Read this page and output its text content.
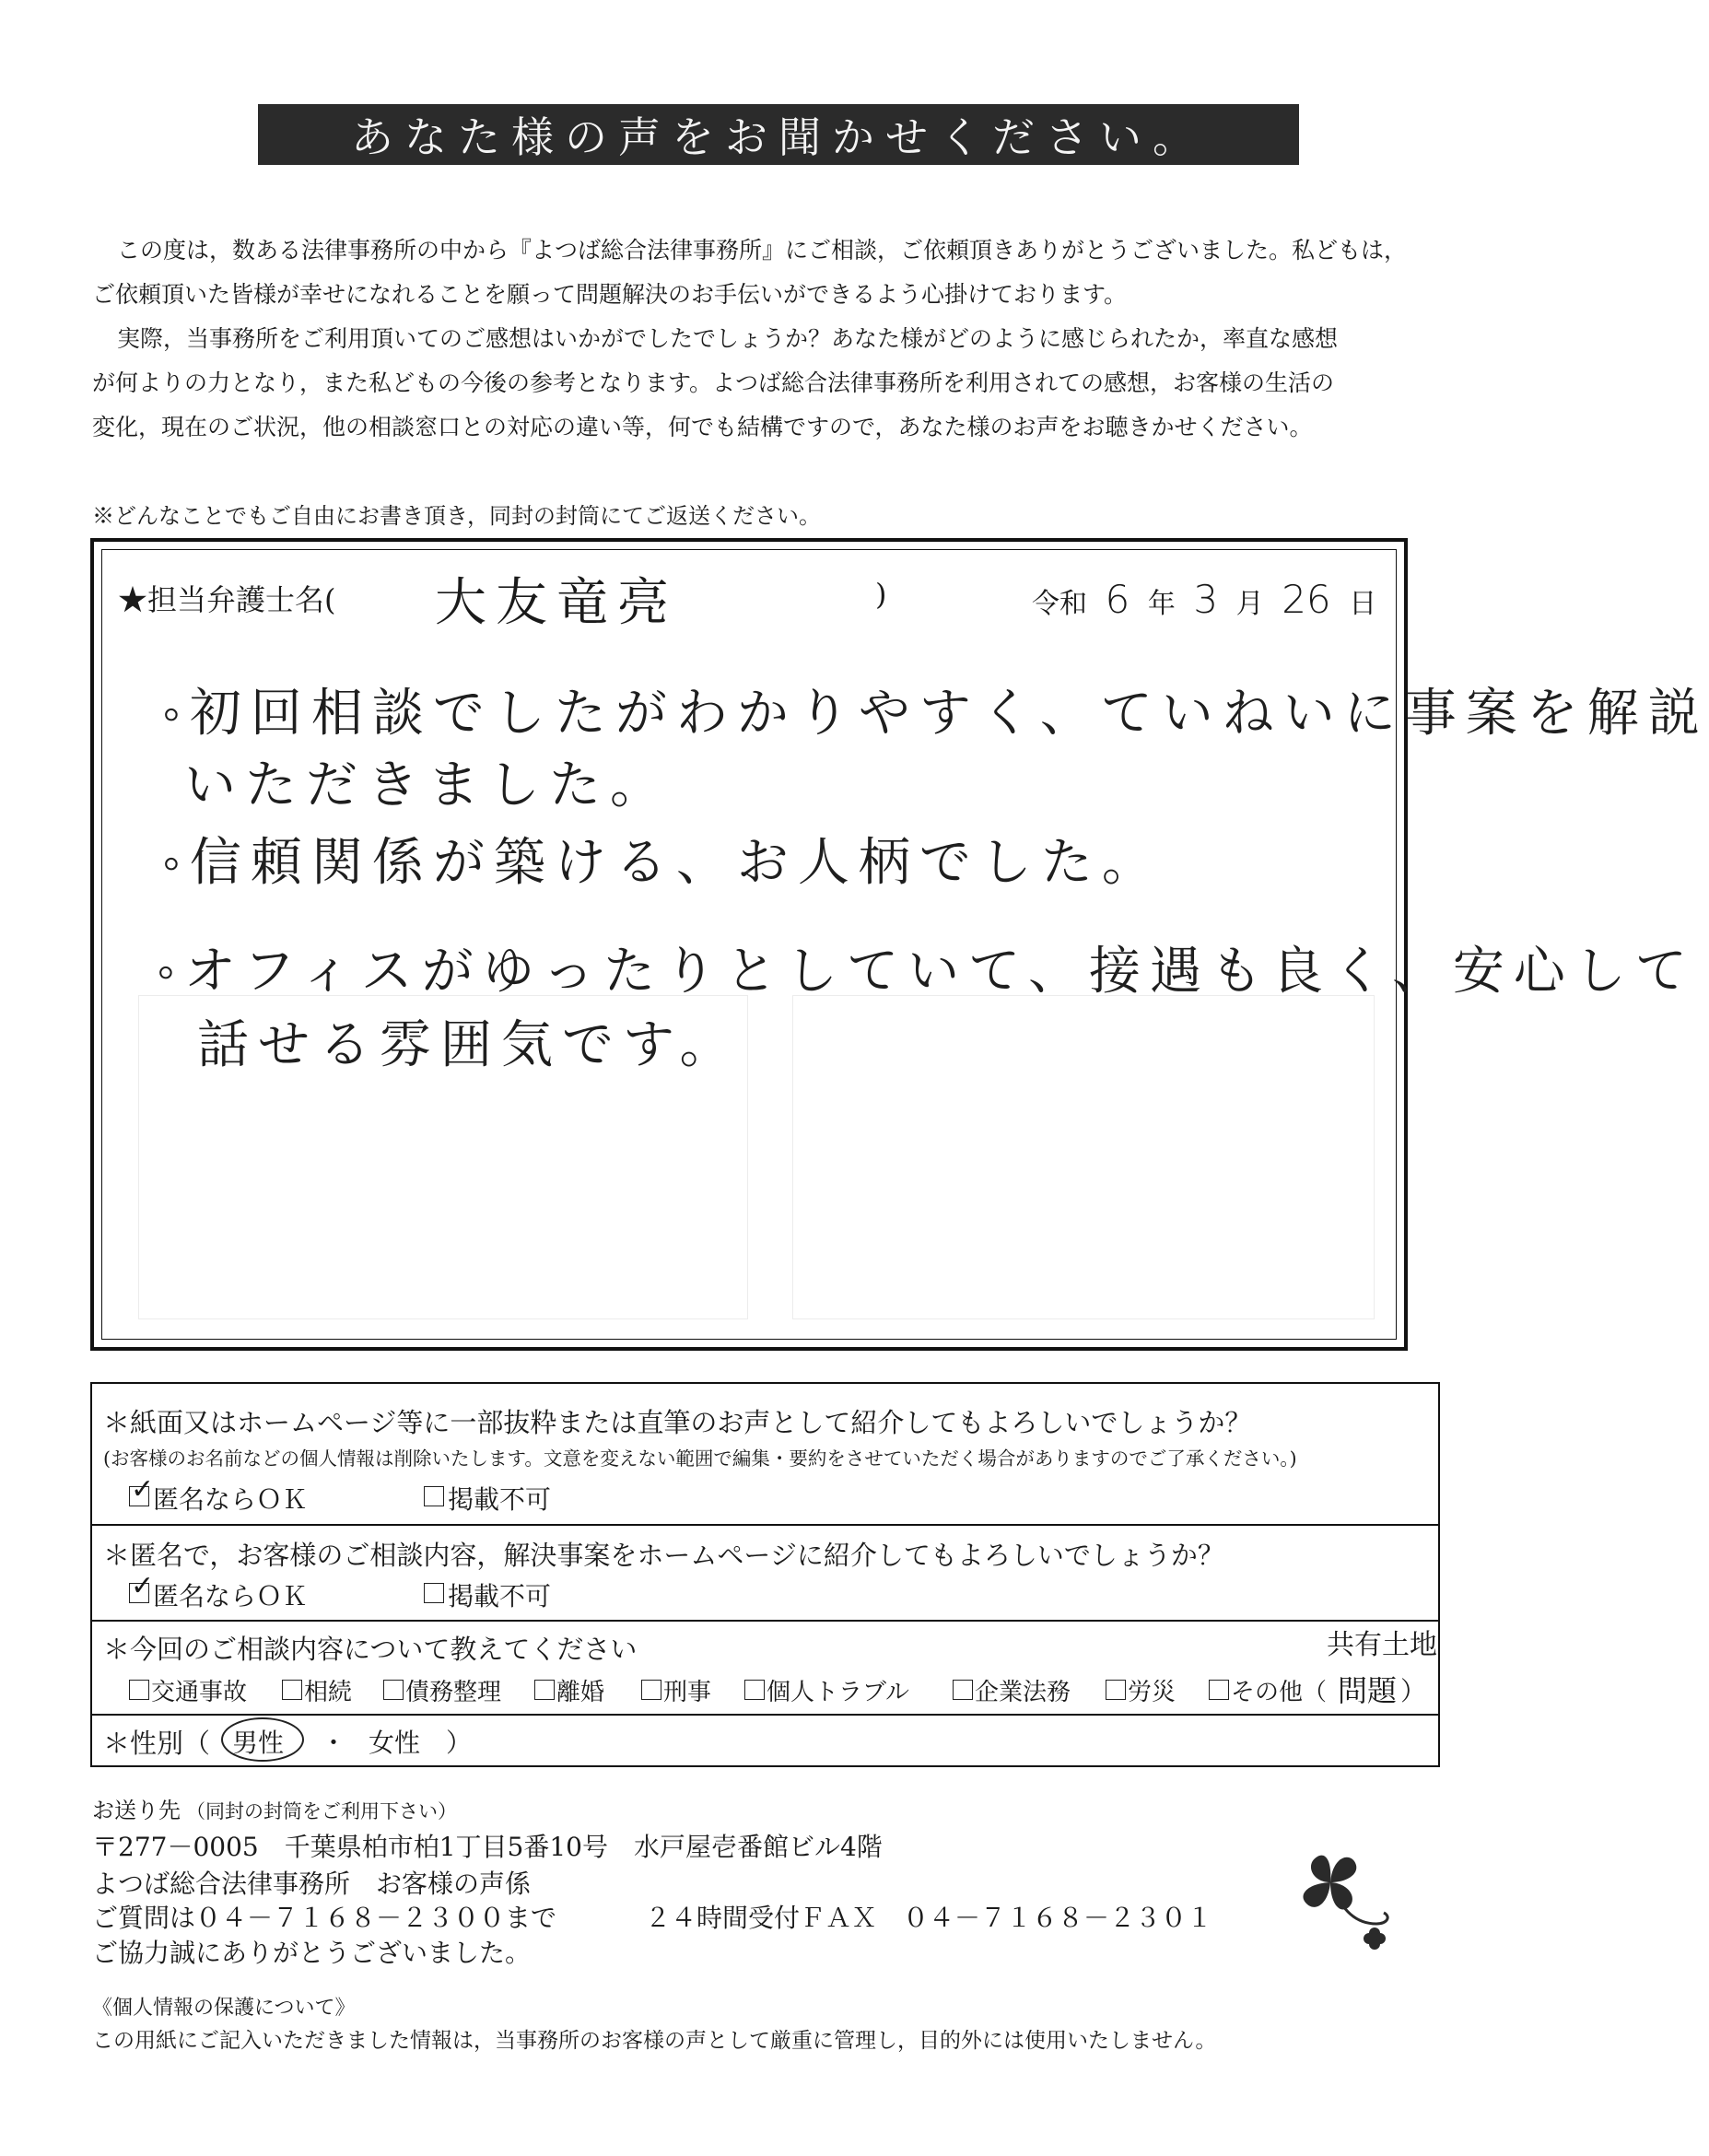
あなた様の声をお聞かせください。

この度は，数ある法律事務所の中から『よつば総合法律事務所』にご相談，ご依頼頂きありがとうございました。私どもは，

ご依頼頂いた皆様が幸せになれることを願って問題解決のお手伝いができるよう心掛けております。

実際，当事務所をご利用頂いてのご感想はいかがでしたでしょうか？あなた様がどのように感じられたか，率直な感想

が何よりの力となり，また私どもの今後の参考となります。よつば総合法律事務所を利用されての感想，お客様の生活の

変化，現在のご状況，他の相談窓口との対応の違い等，何でも結構ですので，あなた様のお声をお聴きかせください。

※どんなことでもご自由にお書き頂き，同封の封筒にてご返送ください。
★担当弁護士名( 大友竜亮	)	令和 6 年 3 月 26 日
◦初回相談でしたがわかりやすく、ていねいに事案を解説
いただきました。
◦信頼関係が築ける、お人柄でした。
◦オフィスがゆったりとしていて、接遇も良く、安心して
話せる雰囲気です。
＊紙面又はホームページ等に一部抜粋または直筆のお声として紹介してもよろしいでしょうか？
(お客様のお名前などの個人情報は削除いたします。文意を変えない範囲で編集・要約をさせていただく場合がありますのでご了承ください。)
✓
匿名ならＯＫ	掲載不可
＊匿名で，お客様のご相談内容，解決事案をホームページに紹介してもよろしいでしょうか？
✓
匿名ならＯＫ	掲載不可
＊今回のご相談内容について教えてください	共有土地
交通事故 相続 債務整理 離婚 刑事 個人トラブル	企業法務 労災 その他（ 問題 ）
＊性別（ 男性 ・ 女性 ）
お送り先 （同封の封筒をご利用下さい）
〒277－0005　千葉県柏市柏1丁目5番10号　水戸屋壱番館ビル4階
よつば総合法律事務所　お客様の声係
ご質問は０４－７１６８－２３００まで	２４時間受付ＦＡＸ　０４－７１６８－２３０１
ご協力誠にありがとうございました。
《個人情報の保護について》
この用紙にご記入いただきました情報は，当事務所のお客様の声として厳重に管理し，目的外には使用いたしません。
